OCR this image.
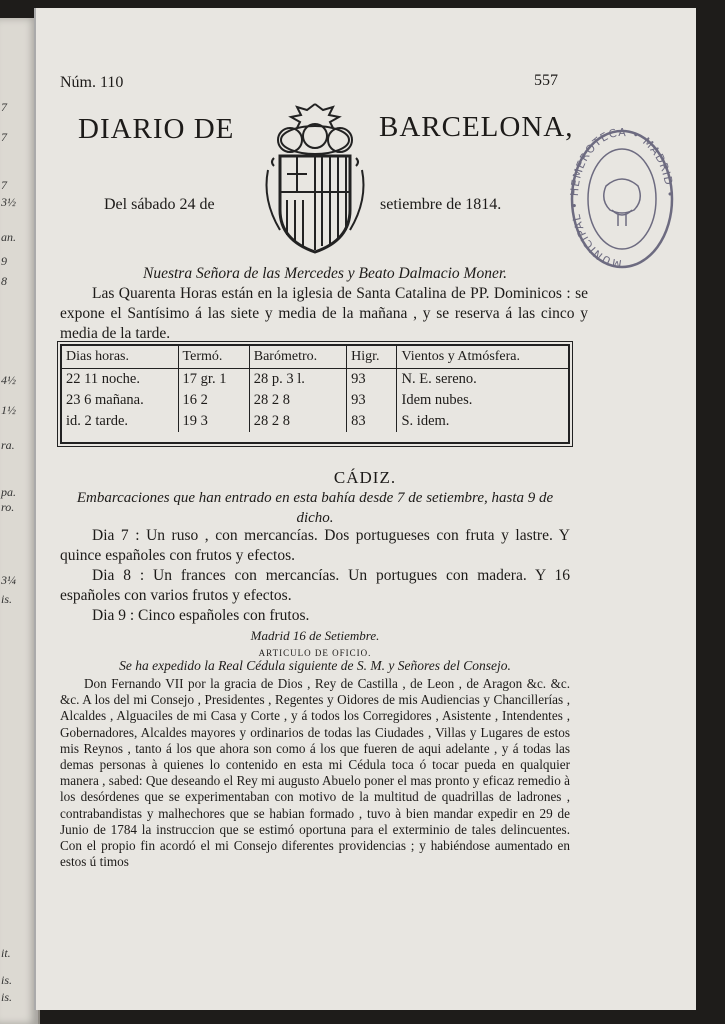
7
7
7
3½
an.
9
8
4½
1½
ra.
pa.
ro.
3¼
is.
it.
is.
is.
Núm. 110	557
DIARIO DE	BARCELONA,
Del sábado 24 de	setiembre de 1814.
MUNICIPAL • HEMEROTECA • MADRID •
Nuestra Señora de las Mercedes y Beato Dalmacio Moner.
Las Quarenta Horas están en la iglesia de Santa Catalina de PP. Dominicos : se expone el Santísimo á las siete y media de la mañana , y se reserva á las cinco y media de la tarde.
Dias horas.	Termó.	Barómetro.	Higr.	Vientos y Atmósfera.
22 11 noche.	17 gr. 1	28 p. 3 l.	93	N. E. sereno.
23 6 mañana.	16 2	28 2 8	93	Idem nubes.
id. 2 tarde.	19 3	28 2 8	83	S. idem.
CÁDIZ.
Embarcaciones que han entrado en esta bahía desde 7 de setiembre, hasta 9 de dicho.
Dia 7 : Un ruso , con mercancías. Dos portugueses con fruta y lastre. Y quince españoles con frutos y efectos.
Dia 8 : Un frances con mercancías. Un portugues con madera. Y 16 españoles con varios frutos y efectos.
Dia 9 : Cinco españoles con frutos.
Madrid 16 de Setiembre.
ARTICULO DE OFICIO.
Se ha expedido la Real Cédula siguiente de S. M. y Señores del Consejo.
Don Fernando VII por la gracia de Dios , Rey de Castilla , de Leon , de Aragon &c. &c. &c. A los del mi Consejo , Presidentes , Regentes y Oidores de mis Audiencias y Chancillerías , Alcaldes , Alguaciles de mi Casa y Corte , y á todos los Corregidores , Asistente , Intendentes , Gobernadores, Alcaldes mayores y ordinarios de todas las Ciudades , Villas y Lugares de estos mis Reynos , tanto á los que ahora son como á los que fueren de aqui adelante , y á todas las demas personas à quienes lo contenido en esta mi Cédula toca ó tocar pueda en qualquier manera , sabed: Que deseando el Rey mi augusto Abuelo poner el mas pronto y eficaz remedio à los desórdenes que se experimentaban con motivo de la multitud de quadrillas de ladrones , contrabandistas y malhechores que se habian formado , tuvo à bien mandar expedir en 29 de Junio de 1784 la instruccion que se estimó oportuna para el exterminio de tales delincuentes. Con el propio fin acordó el mi Consejo diferentes providencias ; y habiéndose aumentado en estos ú timos
